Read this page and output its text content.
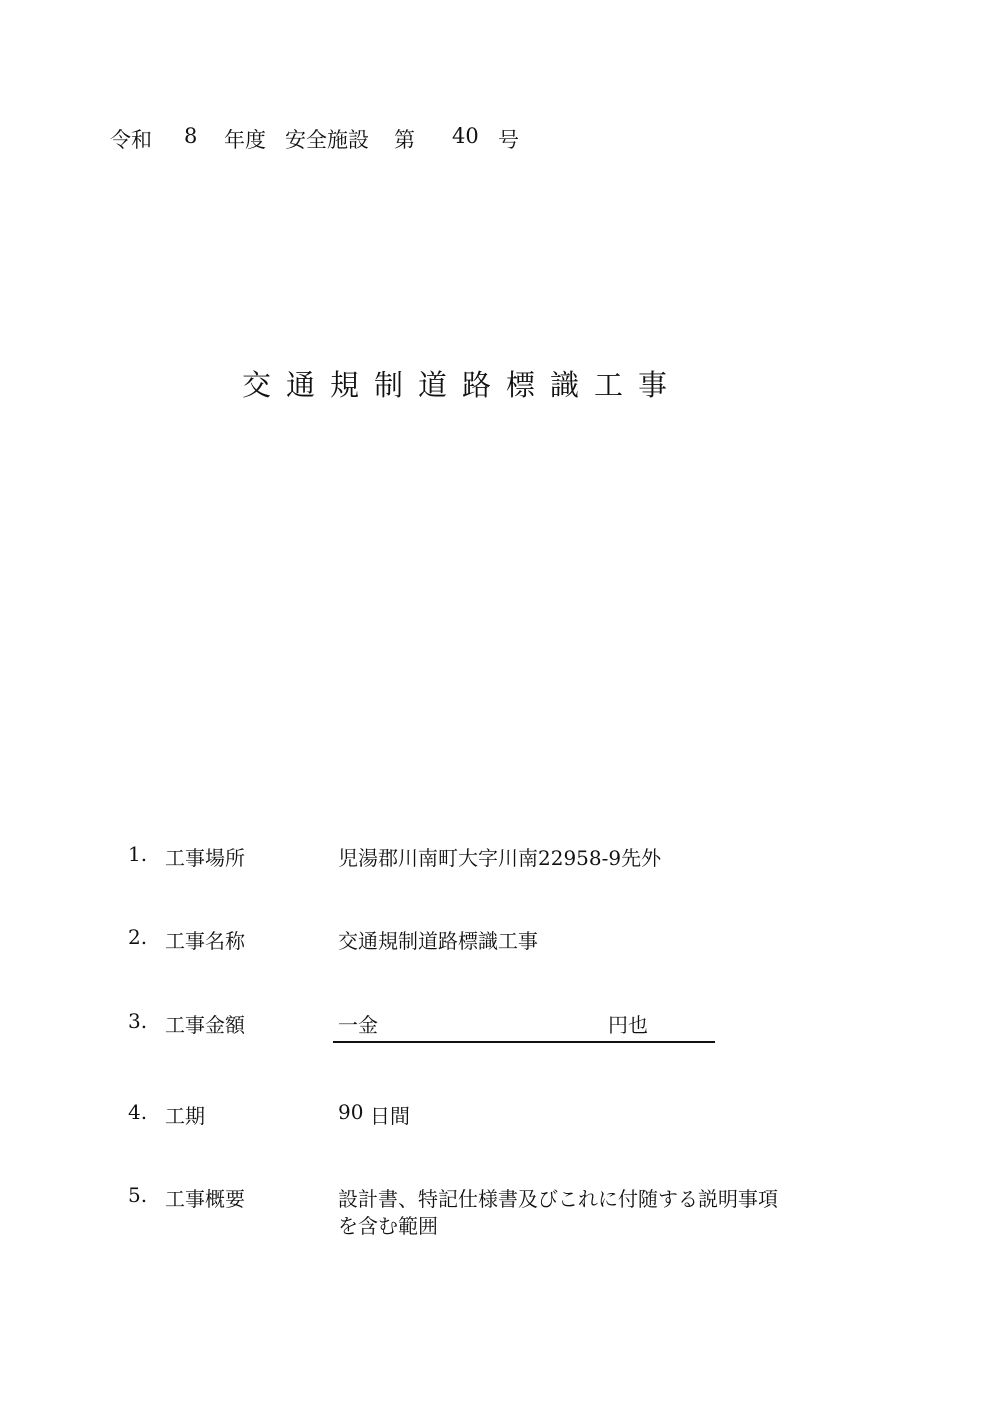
令和 8 年度 安全施設 第 40 号
交通規制道路標識工事
1. 工事場所	児湯郡川南町大字川南22958-9先外
2. 工事名称	交通規制道路標識工事
3. 工事金額	一金	円也
4. 工期	90 日間
5. 工事概要	設計書、特記仕様書及びこれに付随する説明事項
を含む範囲
